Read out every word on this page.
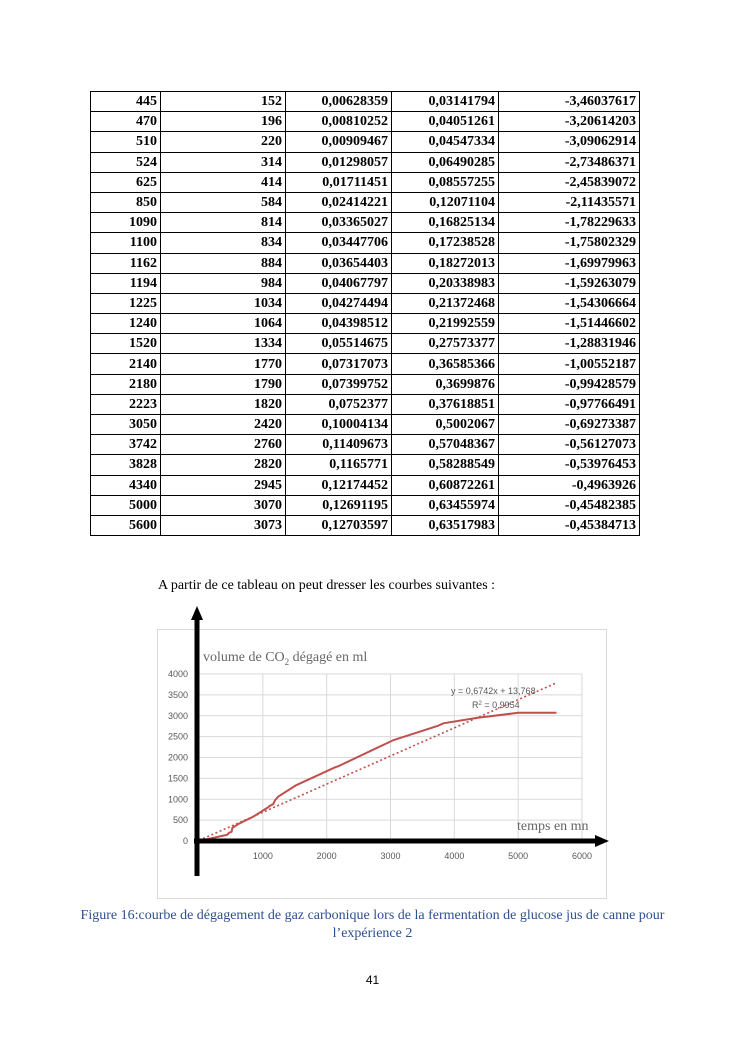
445	152	0,00628359	0,03141794	-3,46037617
470	196	0,00810252	0,04051261	-3,20614203
510	220	0,00909467	0,04547334	-3,09062914
524	314	0,01298057	0,06490285	-2,73486371
625	414	0,01711451	0,08557255	-2,45839072
850	584	0,02414221	0,12071104	-2,11435571
1090	814	0,03365027	0,16825134	-1,78229633
1100	834	0,03447706	0,17238528	-1,75802329
1162	884	0,03654403	0,18272013	-1,69979963
1194	984	0,04067797	0,20338983	-1,59263079
1225	1034	0,04274494	0,21372468	-1,54306664
1240	1064	0,04398512	0,21992559	-1,51446602
1520	1334	0,05514675	0,27573377	-1,28831946
2140	1770	0,07317073	0,36585366	-1,00552187
2180	1790	0,07399752	0,3699876	-0,99428579
2223	1820	0,0752377	0,37618851	-0,97766491
3050	2420	0,10004134	0,5002067	-0,69273387
3742	2760	0,11409673	0,57048367	-0,56127073
3828	2820	0,1165771	0,58288549	-0,53976453
4340	2945	0,12174452	0,60872261	-0,4963926
5000	3070	0,12691195	0,63455974	-0,45482385
5600	3073	0,12703597	0,63517983	-0,45384713
A partir de ce tableau on peut dresser les courbes suivantes :
0
500
1000
1500
2000
2500
3000
3500
4000
1000	2000	3000	4000	5000	6000
volume de $CO_2$ dégagé en ml
temps en mn
y = 0,6742x + 13,768
$R^2 = 0,9954$
Figure 16:courbe de dégagement de gaz carbonique lors de la fermentation de glucose jus de canne pour l’expérience 2
41
